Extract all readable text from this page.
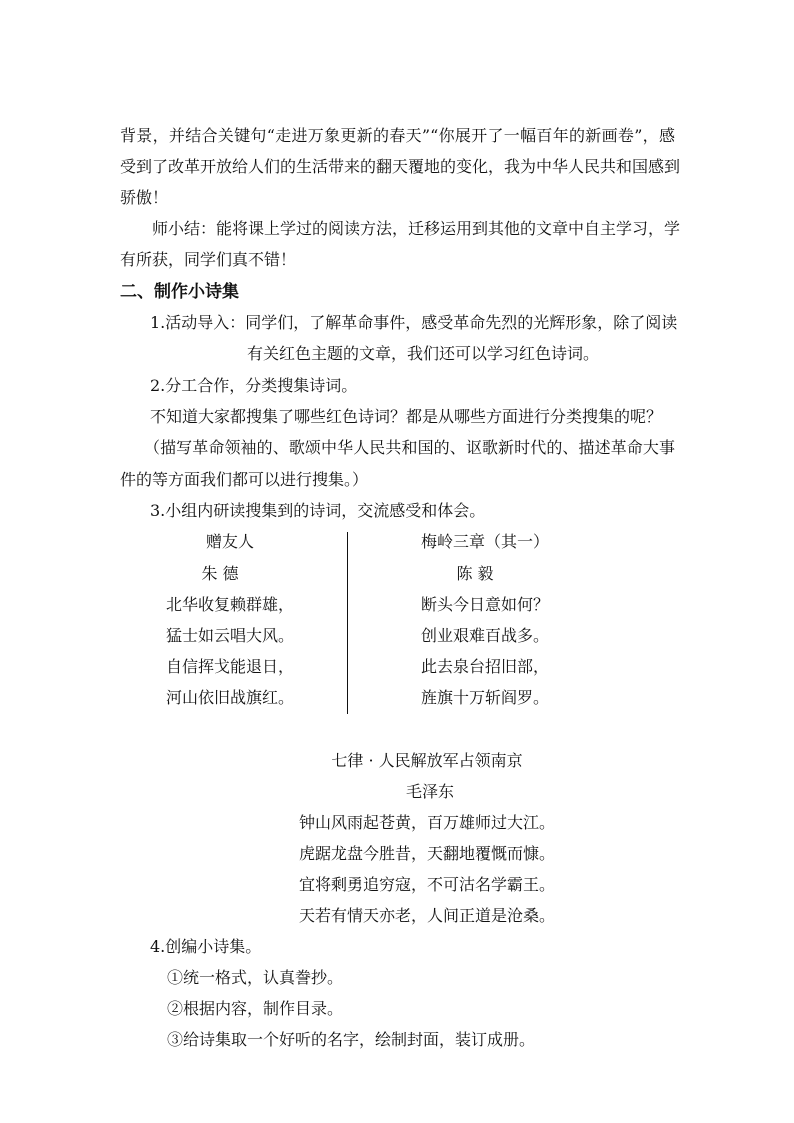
背景，并结合关键句“走进万象更新的春天”“你展开了一幅百年的新画卷”，感
受到了改革开放给人们的生活带来的翻天覆地的变化，我为中华人民共和国感到
骄傲！
师小结：能将课上学过的阅读方法，迁移运用到其他的文章中自主学习，学
有所获，同学们真不错！
二、制作小诗集
1.活动导入：同学们，了解革命事件，感受革命先烈的光辉形象，除了阅读
有关红色主题的文章，我们还可以学习红色诗词。
2.分工合作，分类搜集诗词。
不知道大家都搜集了哪些红色诗词？都是从哪些方面进行分类搜集的呢？
（描写革命领袖的、歌颂中华人民共和国的、讴歌新时代的、描述革命大事
件的等方面我们都可以进行搜集。）
3.小组内研读搜集到的诗词，交流感受和体会。
赠友人
朱 德
北华收复赖群雄，
猛士如云唱大风。
自信挥戈能退日，
河山依旧战旗红。
梅岭三章（其一）
陈 毅
断头今日意如何？
创业艰难百战多。
此去泉台招旧部，
旌旗十万斩阎罗。
七律 · 人民解放军占领南京
毛泽东
钟山风雨起苍黄，百万雄师过大江。
虎踞龙盘今胜昔，天翻地覆慨而慷。
宜将剩勇追穷寇，不可沽名学霸王。
天若有情天亦老，人间正道是沧桑。
4.创编小诗集。
①统一格式，认真誊抄。
②根据内容，制作目录。
③给诗集取一个好听的名字，绘制封面，装订成册。
